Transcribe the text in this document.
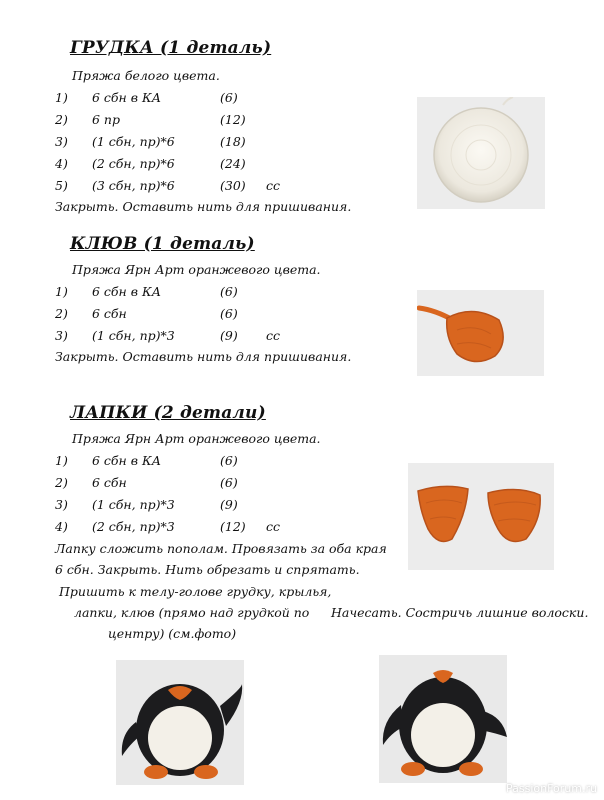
ГРУДКА (1 деталь)
Пряжа белого цвета.
1) 6 сбн в КА	(6)
2) 6 пр	(12)
3) (1 сбн, пр)*6	(18)
4) (2 сбн, пр)*6	(24)
5) (3 сбн, пр)*6	(30) сс
Закрыть. Оставить нить для пришивания.
КЛЮВ (1 деталь)
Пряжа Ярн Арт оранжевого цвета.
1) 6 сбн в КА	(6)
2) 6 сбн	(6)
3) (1 сбн, пр)*3	(9) сс
Закрыть. Оставить нить для пришивания.
ЛАПКИ (2 детали)
Пряжа Ярн Арт оранжевого цвета.
1) 6 сбн в КА	(6)
2) 6 сбн	(6)
3) (1 сбн, пр)*3	(9)
4) (2 сбн, пр)*3	(12) сс
Лапку сложить пополам. Провязать за оба края
6 сбн. Закрыть. Нить обрезать и спрятать.
Пришить к телу-голове грудку, крылья,
лапки, клюв (прямо над грудкой по
центру) (см.фото)
Начесать. Состричь лишние волоски.
PassionForum.ru
